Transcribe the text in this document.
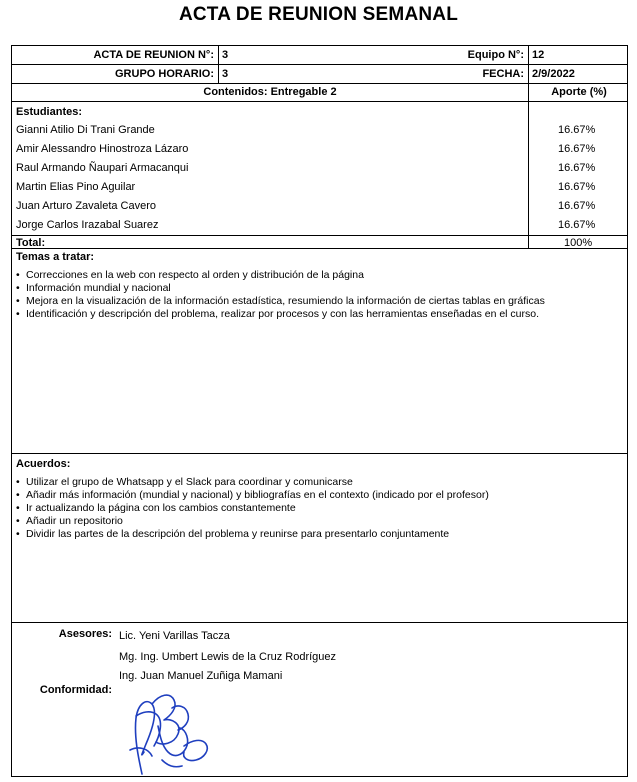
ACTA DE REUNION SEMANAL
ACTA DE REUNION N°: 3	Equipo N°: 12
GRUPO HORARIO: 3	FECHA: 2/9/2022
Contenidos: Entregable 2	Aporte (%)
Estudiantes:
Gianni Atilio Di Trani Grande	16.67%
Amir Alessandro Hinostroza Lázaro	16.67%
Raul Armando Ñaupari Armacanqui	16.67%
Martin Elias Pino Aguilar	16.67%
Juan Arturo Zavaleta Cavero	16.67%
Jorge Carlos Irazabal Suarez	16.67%
Total:	100%
Temas a tratar:
• Correcciones en la web con respecto al orden y distribución de la página
• Información mundial y nacional
• Mejora en la visualización de la información estadística, resumiendo la información de ciertas tablas en gráficas
• Identificación y descripción del problema, realizar por procesos y con las herramientas enseñadas en el curso.
Acuerdos:
• Utilizar el grupo de Whatsapp y el Slack para coordinar y comunicarse
• Añadir más información (mundial y nacional) y bibliografías en el contexto (indicado por el profesor)
• Ir actualizando la página con los cambios constantemente
• Añadir un repositorio
• Dividir las partes de la descripción del problema y reunirse para presentarlo conjuntamente
Asesores: Lic. Yeni Varillas Tacza
Mg. Ing. Umbert Lewis de la Cruz Rodríguez
Ing. Juan Manuel Zuñiga Mamani
Conformidad:
